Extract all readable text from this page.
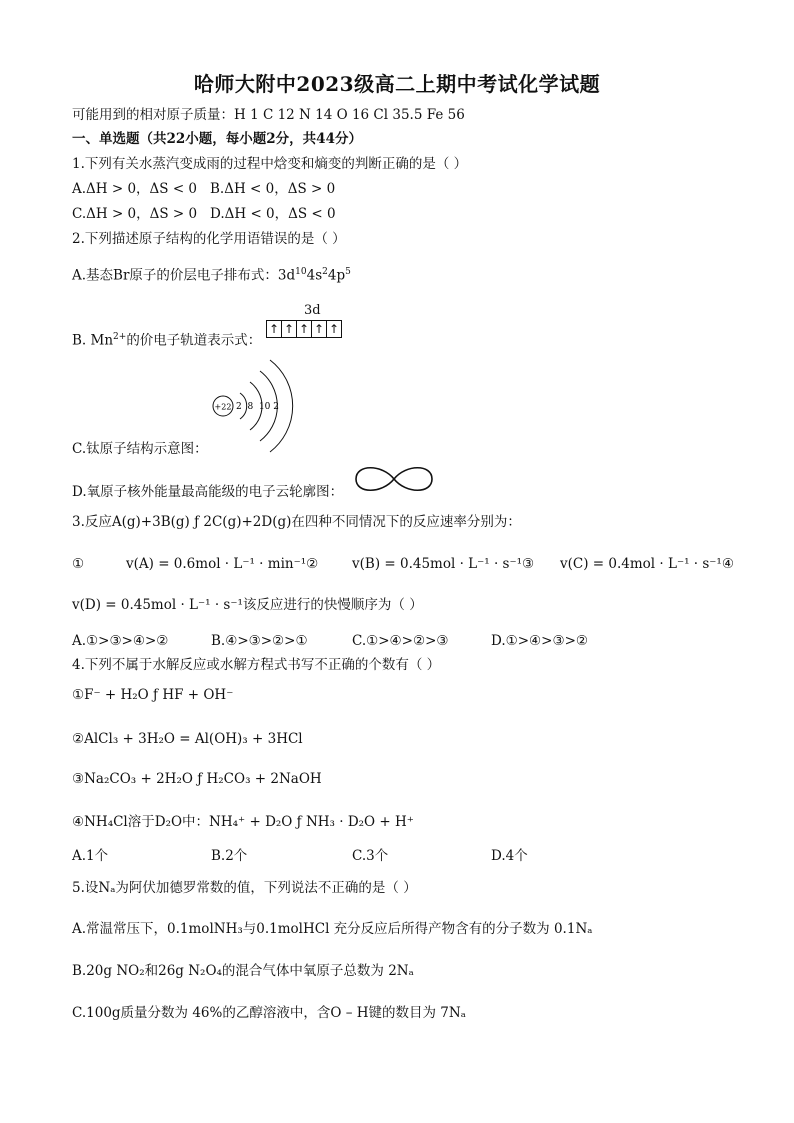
哈师大附中2023级高二上期中考试化学试题
可能用到的相对原子质量：H 1 C 12 N 14 O 16 Cl 35.5 Fe 56
一、单选题（共22小题，每小题2分，共44分）
1.下列有关水蒸汽变成雨的过程中焓变和熵变的判断正确的是（ ）
A.ΔH > 0，ΔS < 0 B.ΔH < 0，ΔS > 0
C.ΔH > 0，ΔS > 0 D.ΔH < 0，ΔS < 0
2.下列描述原子结构的化学用语错误的是（ ）
A.基态Br原子的价层电子排布式：$3d^{10}4s^24p^5$
3d
B. $Mn^{2+}$的价电子轨道表示式：
↑ ↑ ↑ ↑ ↑
+22 2  8  10 2
C.钛原子结构示意图：
D.氧原子核外能量最高能级的电子云轮廓图：
3.反应A(g)+3B(g) ƒ 2C(g)+2D(g)在四种不同情况下的反应速率分别为：
①	v(A) = 0.6mol · L⁻¹ · min⁻¹②	v(B) = 0.45mol · L⁻¹ · s⁻¹③ v(C) = 0.4mol · L⁻¹ · s⁻¹④
v(D) = 0.45mol · L⁻¹ · s⁻¹该反应进行的快慢顺序为（ ）
A.①>③>④>②	B.④>③>②>①	C.①>④>②>③	D.①>④>③>②
4.下列不属于水解反应或水解方程式书写不正确的个数有（ ）
①F⁻ + H₂O ƒ HF + OH⁻
②AlCl₃ + 3H₂O = Al(OH)₃ + 3HCl
③Na₂CO₃ + 2H₂O ƒ H₂CO₃ + 2NaOH
④NH₄Cl溶于D₂O中：NH₄⁺ + D₂O ƒ NH₃ · D₂O + H⁺
A.1个	B.2个	C.3个	D.4个
5.设Nₐ为阿伏加德罗常数的值，下列说法不正确的是（ ）
A.常温常压下，0.1molNH₃与0.1molHCl 充分反应后所得产物含有的分子数为 0.1Nₐ
B.20g NO₂和26g N₂O₄的混合气体中氧原子总数为 2Nₐ
C.100g质量分数为 46%的乙醇溶液中，含O – H键的数目为 7Nₐ
